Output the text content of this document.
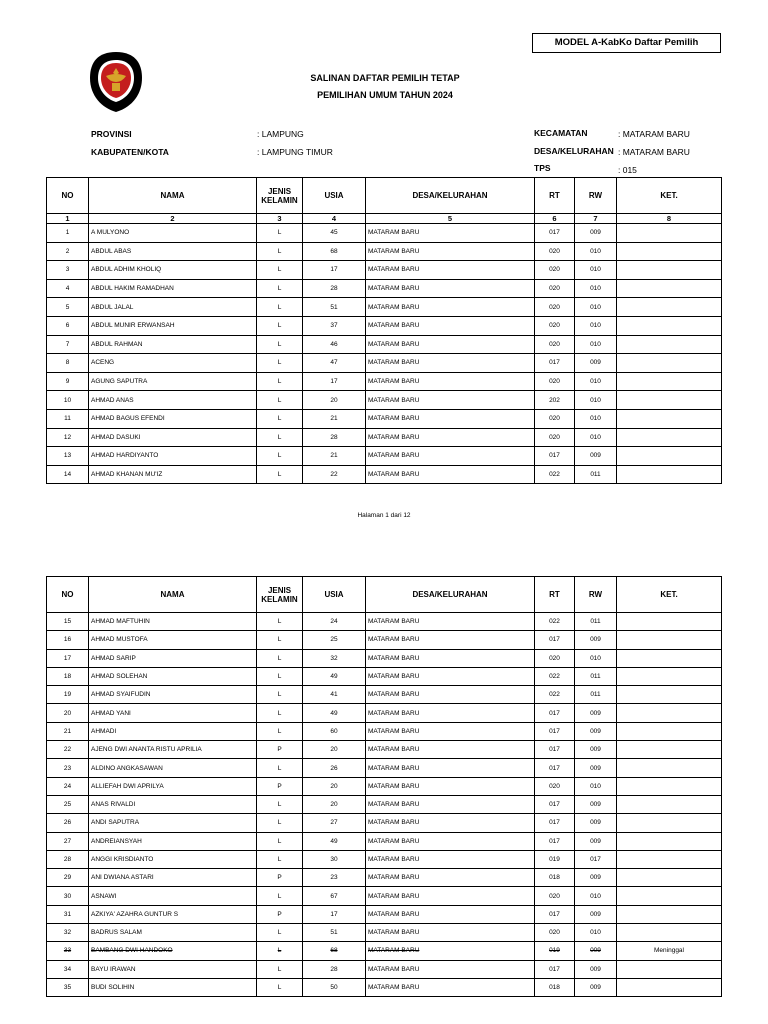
MODEL A-KabKo Daftar Pemilih
SALINAN DAFTAR PEMILIH TETAP
PEMILIHAN UMUM TAHUN 2024
PROVINSI	: LAMPUNG
KABUPATEN/KOTA	: LAMPUNG TIMUR
KECAMATAN	: MATARAM BARU
DESA/KELURAHAN : MATARAM BARU
TPS	: 015
NO	NAMA	JENIS
KELAMIN	USIA	DESA/KELURAHAN	RT	RW	KET.
1	2	3	4	5	6	7	8
1	A MULYONO	L	45	MATARAM BARU	017	009	
2	ABDUL ABAS	L	68	MATARAM BARU	020	010	
3	ABDUL ADHIM KHOLIQ	L	17	MATARAM BARU	020	010	
4	ABDUL HAKIM RAMADHAN	L	28	MATARAM BARU	020	010	
5	ABDUL JALAL	L	51	MATARAM BARU	020	010	
6	ABDUL MUNIR ERWANSAH	L	37	MATARAM BARU	020	010	
7	ABDUL RAHMAN	L	46	MATARAM BARU	020	010	
8	ACENG	L	47	MATARAM BARU	017	009	
9	AGUNG SAPUTRA	L	17	MATARAM BARU	020	010	
10	AHMAD ANAS	L	20	MATARAM BARU	202	010	
11	AHMAD BAGUS EFENDI	L	21	MATARAM BARU	020	010	
12	AHMAD DASUKI	L	28	MATARAM BARU	020	010	
13	AHMAD HARDIYANTO	L	21	MATARAM BARU	017	009	
14	AHMAD KHANAN MU'IZ	L	22	MATARAM BARU	022	011	
Halaman 1 dari 12
NO	NAMA	JENIS
KELAMIN	USIA	DESA/KELURAHAN	RT	RW	KET.
15	AHMAD MAFTUHIN	L	24	MATARAM BARU	022	011	
16	AHMAD MUSTOFA	L	25	MATARAM BARU	017	009	
17	AHMAD SARIP	L	32	MATARAM BARU	020	010	
18	AHMAD SOLEHAN	L	49	MATARAM BARU	022	011	
19	AHMAD SYAIFUDIN	L	41	MATARAM BARU	022	011	
20	AHMAD YANI	L	49	MATARAM BARU	017	009	
21	AHMADI	L	60	MATARAM BARU	017	009	
22	AJENG DWI ANANTA RISTU APRILIA	P	20	MATARAM BARU	017	009	
23	ALDINO ANGKASAWAN	L	26	MATARAM BARU	017	009	
24	ALLIEFAH DWI APRILYA	P	20	MATARAM BARU	020	010	
25	ANAS RIVALDI	L	20	MATARAM BARU	017	009	
26	ANDI SAPUTRA	L	27	MATARAM BARU	017	009	
27	ANDREIANSYAH	L	49	MATARAM BARU	017	009	
28	ANGGI KRISDIANTO	L	30	MATARAM BARU	019	017	
29	ANI DWIANA ASTARI	P	23	MATARAM BARU	018	009	
30	ASNAWI	L	67	MATARAM BARU	020	010	
31	AZKIYA' AZAHRA GUNTUR S	P	17	MATARAM BARU	017	009	
32	BADRUS SALAM	L	51	MATARAM BARU	020	010	
33	BAMBANG DWI HANDOKO	L	68	MATARAM BARU	019	009	Meninggal
34	BAYU IRAWAN	L	28	MATARAM BARU	017	009	
35	BUDI SOLIHIN	L	50	MATARAM BARU	018	009	
